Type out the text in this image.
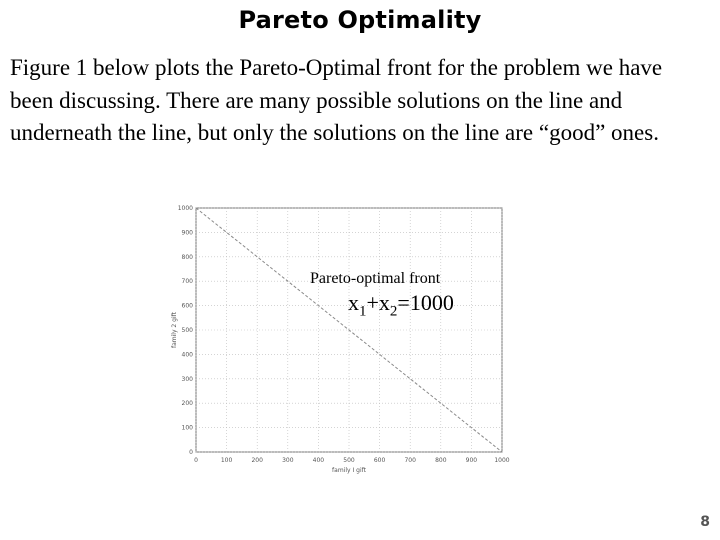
Pareto Optimality
Figure 1 below plots the Pareto-Optimal front for the problem we have been discussing. There are many possible solutions on the line and underneath the line, but only the solutions on the line are “good” ones.
0	100	200	300	400	500	600	700	800	900	1000
0
100
200
300
400
500
600
700
800
900
1000
family I gift
family 2 gift
Pareto-optimal front
$x_1+x_2=1000$
8
